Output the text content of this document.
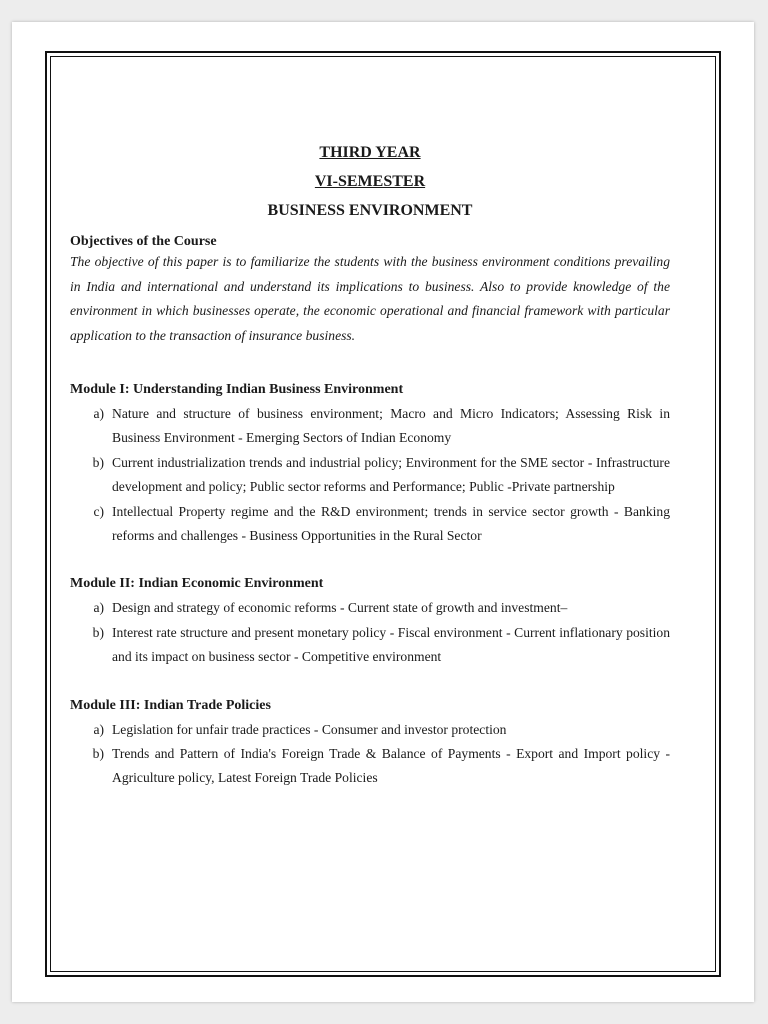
THIRD YEAR

VI-SEMESTER

BUSINESS ENVIRONMENT

Objectives of the Course

The objective of this paper is to familiarize the students with the business environment conditions prevailing in India and international and understand its implications to business. Also to provide knowledge of the environment in which businesses operate, the economic operational and financial framework with particular application to the transaction of insurance business.

Module I: Understanding Indian Business Environment

a) Nature and structure of business environment; Macro and Micro Indicators; Assessing Risk in Business Environment - Emerging Sectors of Indian Economy
b) Current industrialization trends and industrial policy; Environment for the SME sector - Infrastructure development and policy; Public sector reforms and Performance; Public -Private partnership
c) Intellectual Property regime and the R&D environment; trends in service sector growth - Banking reforms and challenges - Business Opportunities in the Rural Sector

Module II: Indian Economic Environment

a) Design and strategy of economic reforms - Current state of growth and investment–
b) Interest rate structure and present monetary policy - Fiscal environment - Current inflationary position and its impact on business sector - Competitive environment

Module III: Indian Trade Policies

a) Legislation for unfair trade practices - Consumer and investor protection
b) Trends and Pattern of India's Foreign Trade & Balance of Payments - Export and Import policy - Agriculture policy, Latest Foreign Trade Policies
